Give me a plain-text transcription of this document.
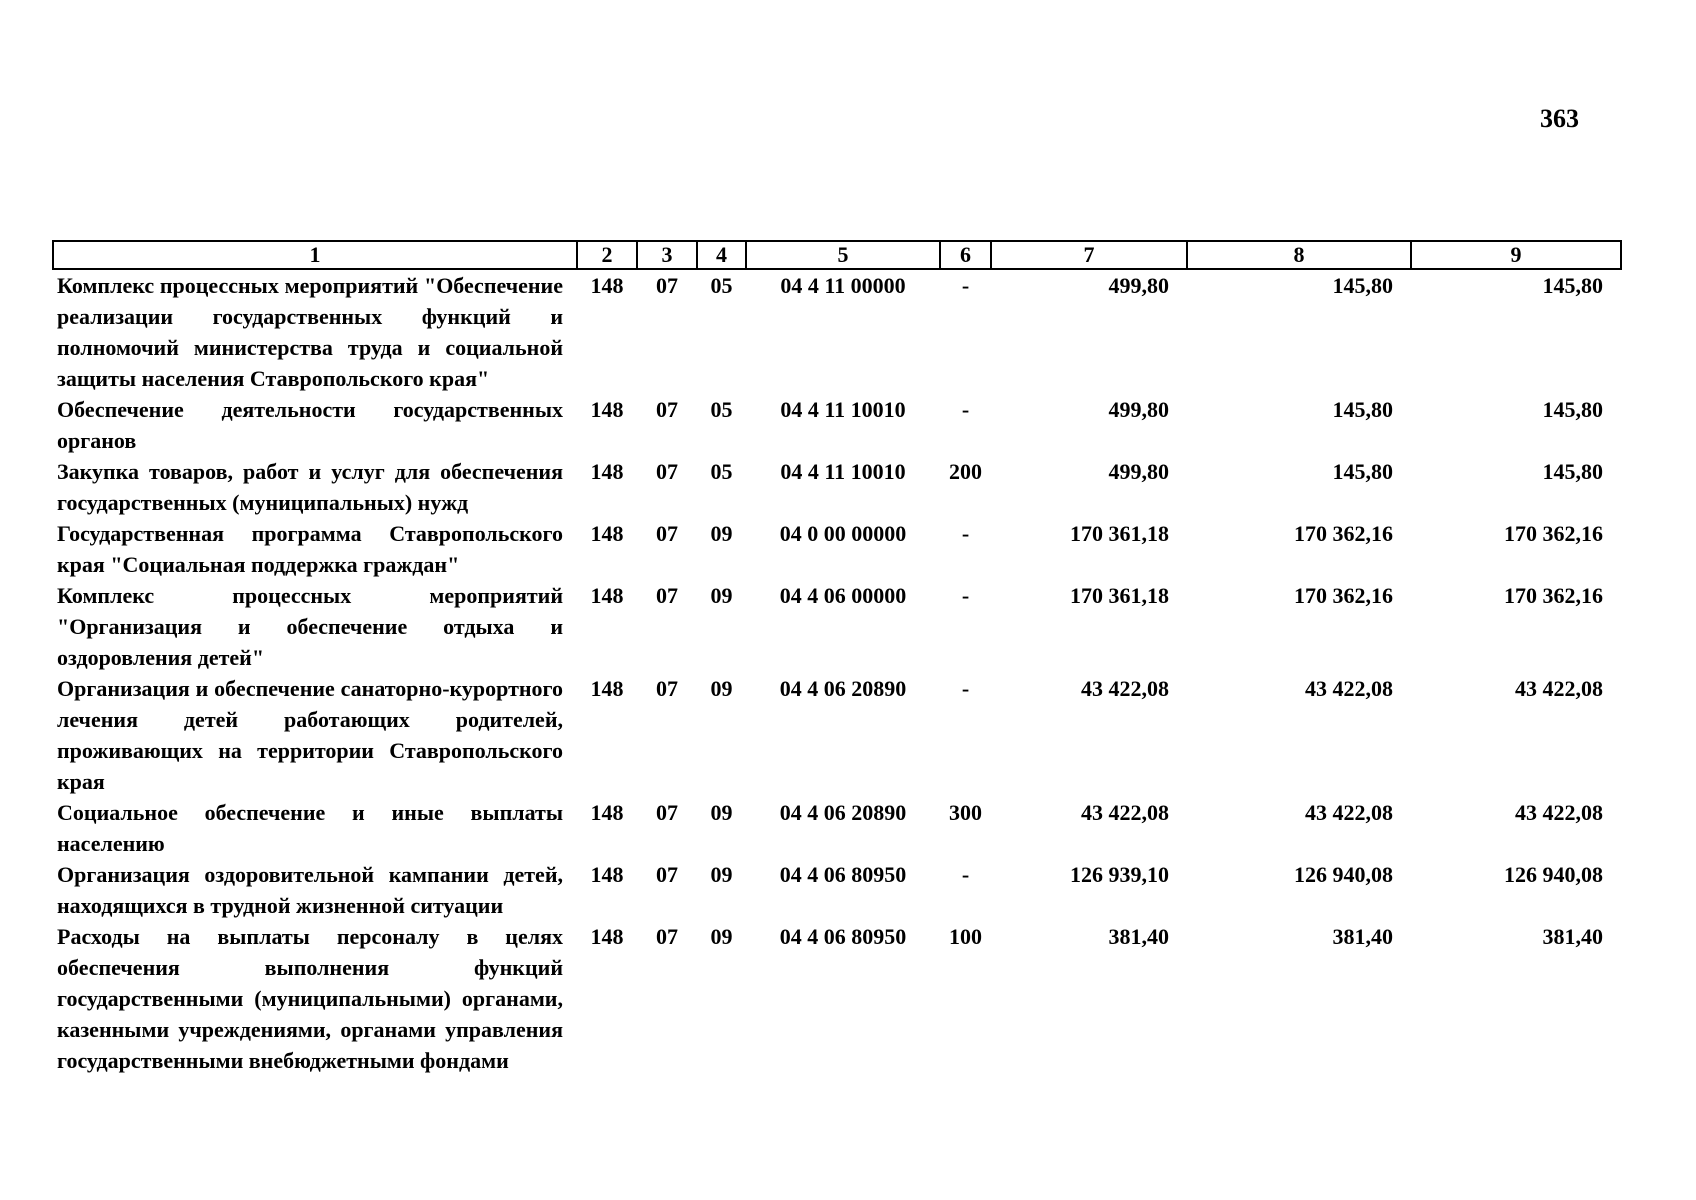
363
1	2	3	4	5	6	7	8	9
Комплекс процессных мероприятий "Обеспечение реализации государственных функций и полномочий министерства труда и социальной защиты населения Ставропольского края"	148	07	05	04 4 11 00000	-	499,80	145,80	145,80
Обеспечение деятельности государственных органов	148	07	05	04 4 11 10010	-	499,80	145,80	145,80
Закупка товаров, работ и услуг для обеспечения государственных (муниципальных) нужд	148	07	05	04 4 11 10010	200	499,80	145,80	145,80
Государственная программа Ставропольского края "Социальная поддержка граждан"	148	07	09	04 0 00 00000	-	170 361,18	170 362,16	170 362,16
Комплекс процессных мероприятий "Организация и обеспечение отдыха и оздоровления детей"	148	07	09	04 4 06 00000	-	170 361,18	170 362,16	170 362,16
Организация и обеспечение санаторно-курортного лечения детей работающих родителей, проживающих на территории Ставропольского края	148	07	09	04 4 06 20890	-	43 422,08	43 422,08	43 422,08
Социальное обеспечение и иные выплаты населению	148	07	09	04 4 06 20890	300	43 422,08	43 422,08	43 422,08
Организация оздоровительной кампании детей, находящихся в трудной жизненной ситуации	148	07	09	04 4 06 80950	-	126 939,10	126 940,08	126 940,08
Расходы на выплаты персоналу в целях обеспечения выполнения функций государственными (муниципальными) органами, казенными учреждениями, органами управления государственными внебюджетными фондами	148	07	09	04 4 06 80950	100	381,40	381,40	381,40
